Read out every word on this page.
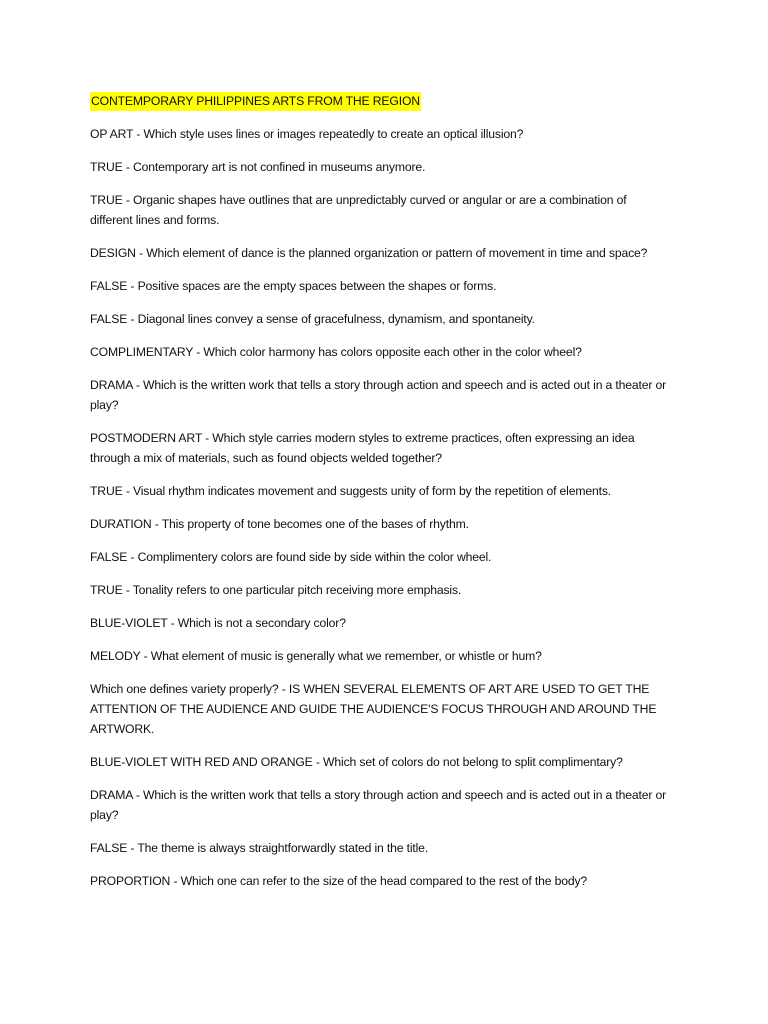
CONTEMPORARY PHILIPPINES ARTS FROM THE REGION

OP ART - Which style uses lines or images repeatedly to create an optical illusion?

TRUE - Contemporary art is not confined in museums anymore.

TRUE - Organic shapes have outlines that are unpredictably curved or angular or are a combination of different lines and forms.

DESIGN - Which element of dance is the planned organization or pattern of movement in time and space?

FALSE - Positive spaces are the empty spaces between the shapes or forms.

FALSE - Diagonal lines convey a sense of gracefulness, dynamism, and spontaneity.

COMPLIMENTARY - Which color harmony has colors opposite each other in the color wheel?

DRAMA - Which is the written work that tells a story through action and speech and is acted out in a theater or play?

POSTMODERN ART - Which style carries modern styles to extreme practices, often expressing an idea through a mix of materials, such as found objects welded together?

TRUE - Visual rhythm indicates movement and suggests unity of form by the repetition of elements.

DURATION - This property of tone becomes one of the bases of rhythm.

FALSE - Complimentery colors are found side by side within the color wheel.

TRUE - Tonality refers to one particular pitch receiving more emphasis.

BLUE-VIOLET - Which is not a secondary color?

MELODY - What element of music is generally what we remember, or whistle or hum?

Which one defines variety properly? - IS WHEN SEVERAL ELEMENTS OF ART ARE USED TO GET THE ATTENTION OF THE AUDIENCE AND GUIDE THE AUDIENCE'S FOCUS THROUGH AND AROUND THE ARTWORK.

BLUE-VIOLET WITH RED AND ORANGE - Which set of colors do not belong to split complimentary?

DRAMA - Which is the written work that tells a story through action and speech and is acted out in a theater or play?

FALSE - The theme is always straightforwardly stated in the title.

PROPORTION - Which one can refer to the size of the head compared to the rest of the body?
